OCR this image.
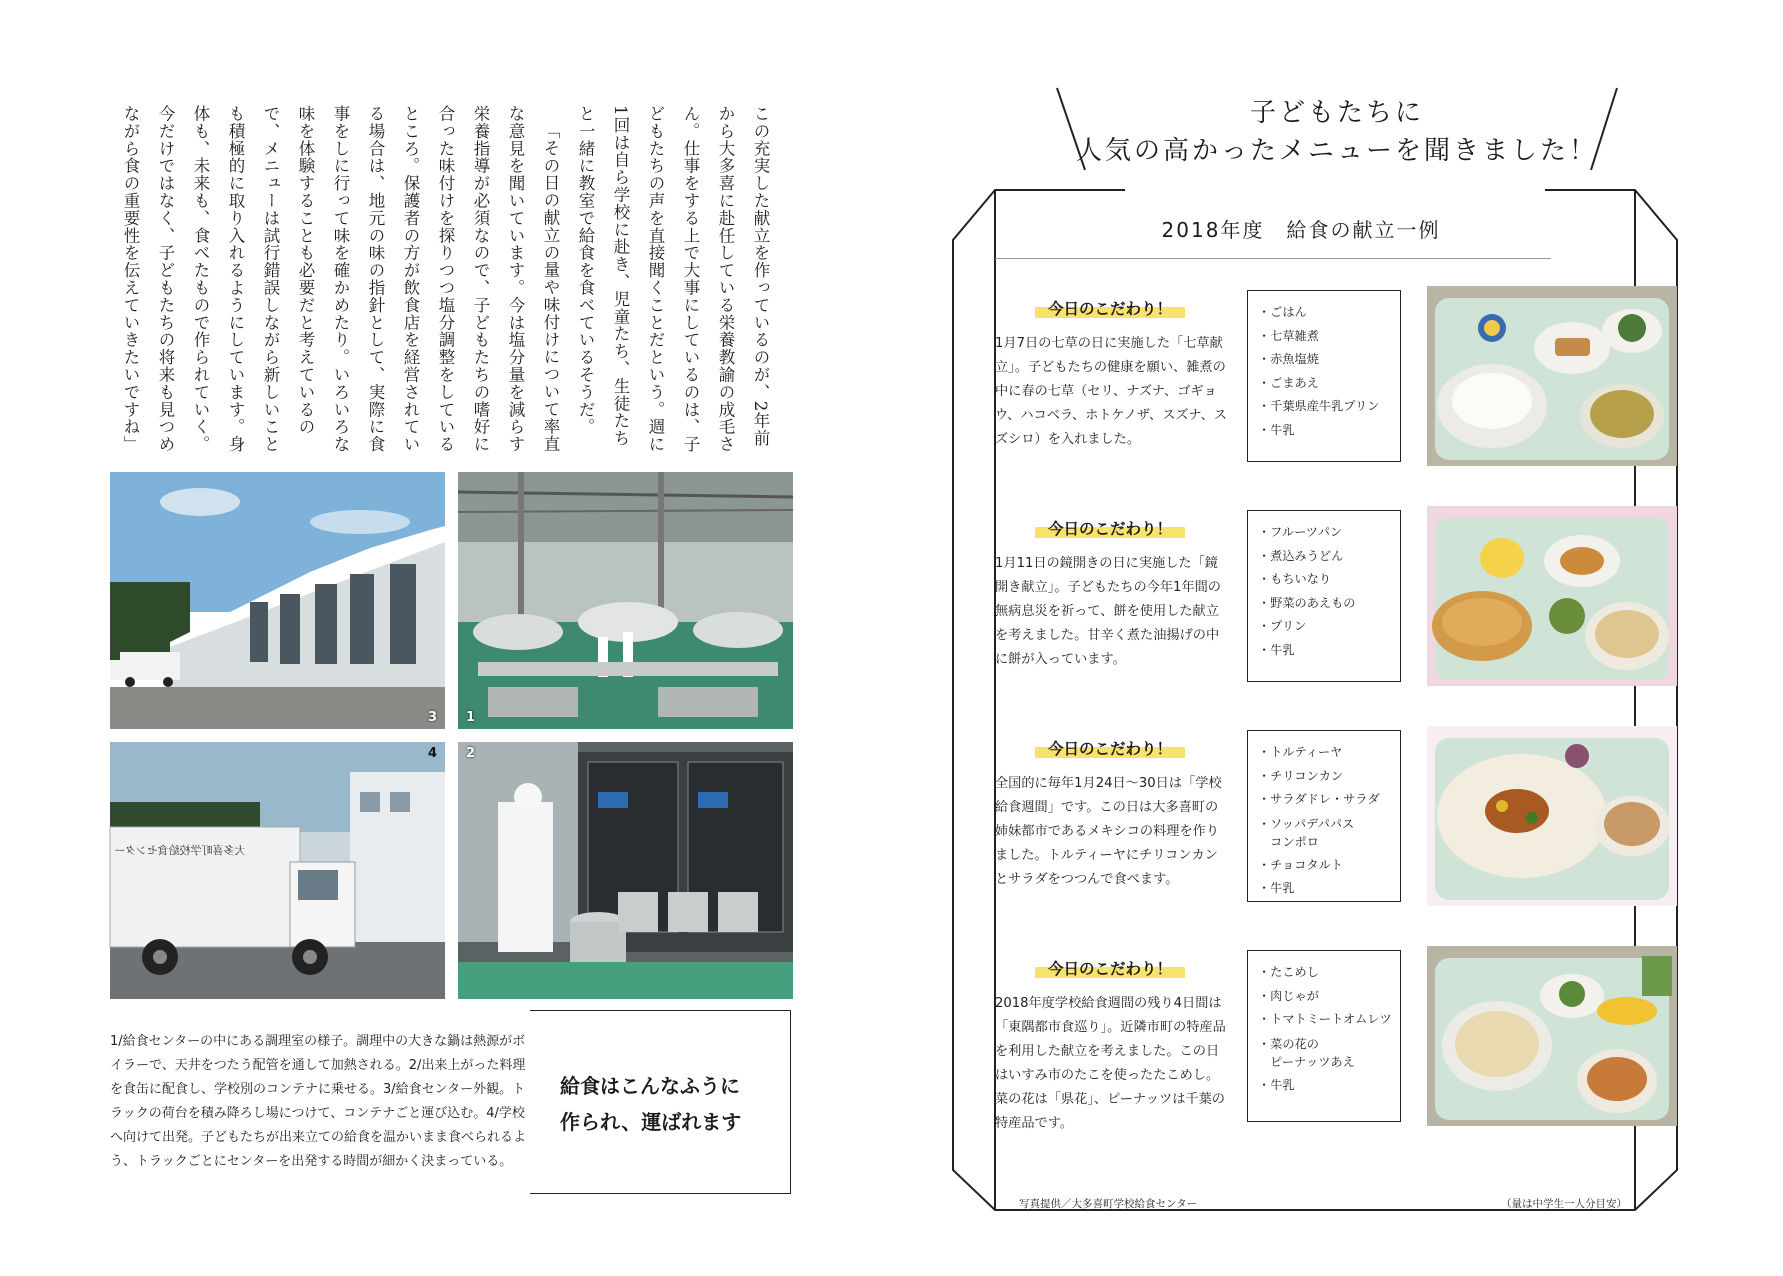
この充実した献立を作っているのが、2年前から大多喜に赴任している栄養教諭の成毛さん。仕事をする上で大事にしているのは、子どもたちの声を直接聞くことだという。週に1回は自ら学校に赴き、児童たち、生徒たちと一緒に教室で給食を食べているそうだ。

「その日の献立の量や味付けについて率直な意見を聞いています。今は塩分量を減らす栄養指導が必須なので、子どもたちの嗜好に合った味付けを探りつつ塩分調整をしているところ。保護者の方が飲食店を経営されている場合は、地元の味の指針として、実際に食事をしに行って味を確かめたり。いろいろな味を体験することも必要だと考えているので、メニューは試行錯誤しながら新しいことも積極的に取り入れるようにしています。身体も、未来も、食べたもので作られていく。今だけではなく、子どもたちの将来も見つめながら食の重要性を伝えていきたいですね」

3 1
大多喜町学校給食センター
4 2
1/給食センターの中にある調理室の様子。調理中の大きな鍋は熱源がボイラーで、天井をつたう配管を通して加熱される。2/出来上がった料理を食缶に配食し、学校別のコンテナに乗せる。3/給食センター外観。トラックの荷台を積み降ろし場につけて、コンテナごと運び込む。4/学校へ向けて出発。子どもたちが出来立ての給食を温かいまま食べられるよう、トラックごとにセンターを出発する時間が細かく決まっている。
給食はこんなふうに
作られ、運ばれます
子どもたちに
人気の高かったメニューを聞きました！
2018年度　給食の献立一例
今日のこだわり！
1月7日の七草の日に実施した「七草献立」。子どもたちの健康を願い、雑煮の中に春の七草（セリ、ナズナ、ゴギョウ、ハコベラ、ホトケノザ、スズナ、スズシロ）を入れました。
・ごはん
・七草雑煮
・赤魚塩焼
・ごまあえ
・千葉県産牛乳プリン
・牛乳
今日のこだわり！
1月11日の鏡開きの日に実施した「鏡開き献立」。子どもたちの今年1年間の無病息災を祈って、餅を使用した献立を考えました。甘辛く煮た油揚げの中に餅が入っています。
・フルーツパン
・煮込みうどん
・もちいなり
・野菜のあえもの
・プリン
・牛乳
今日のこだわり！
全国的に毎年1月24日〜30日は「学校給食週間」です。この日は大多喜町の姉妹都市であるメキシコの料理を作りました。トルティーヤにチリコンカンとサラダをつつんで食べます。
・トルティーヤ
・チリコンカン
・サラダドレ・サラダ
・ソッパデパパス
　コンポロ
・チョコタルト
・牛乳
今日のこだわり！
2018年度学校給食週間の残り4日間は「東隅都市食巡り」。近隣市町の特産品を利用した献立を考えました。この日はいすみ市のたこを使ったたこめし。菜の花は「県花」、ピーナッツは千葉の特産品です。
・たこめし
・肉じゃが
・トマトミートオムレツ
・菜の花の
　ピーナッツあえ
・牛乳
写真提供／大多喜町学校給食センター	（量は中学生一人分目安）
